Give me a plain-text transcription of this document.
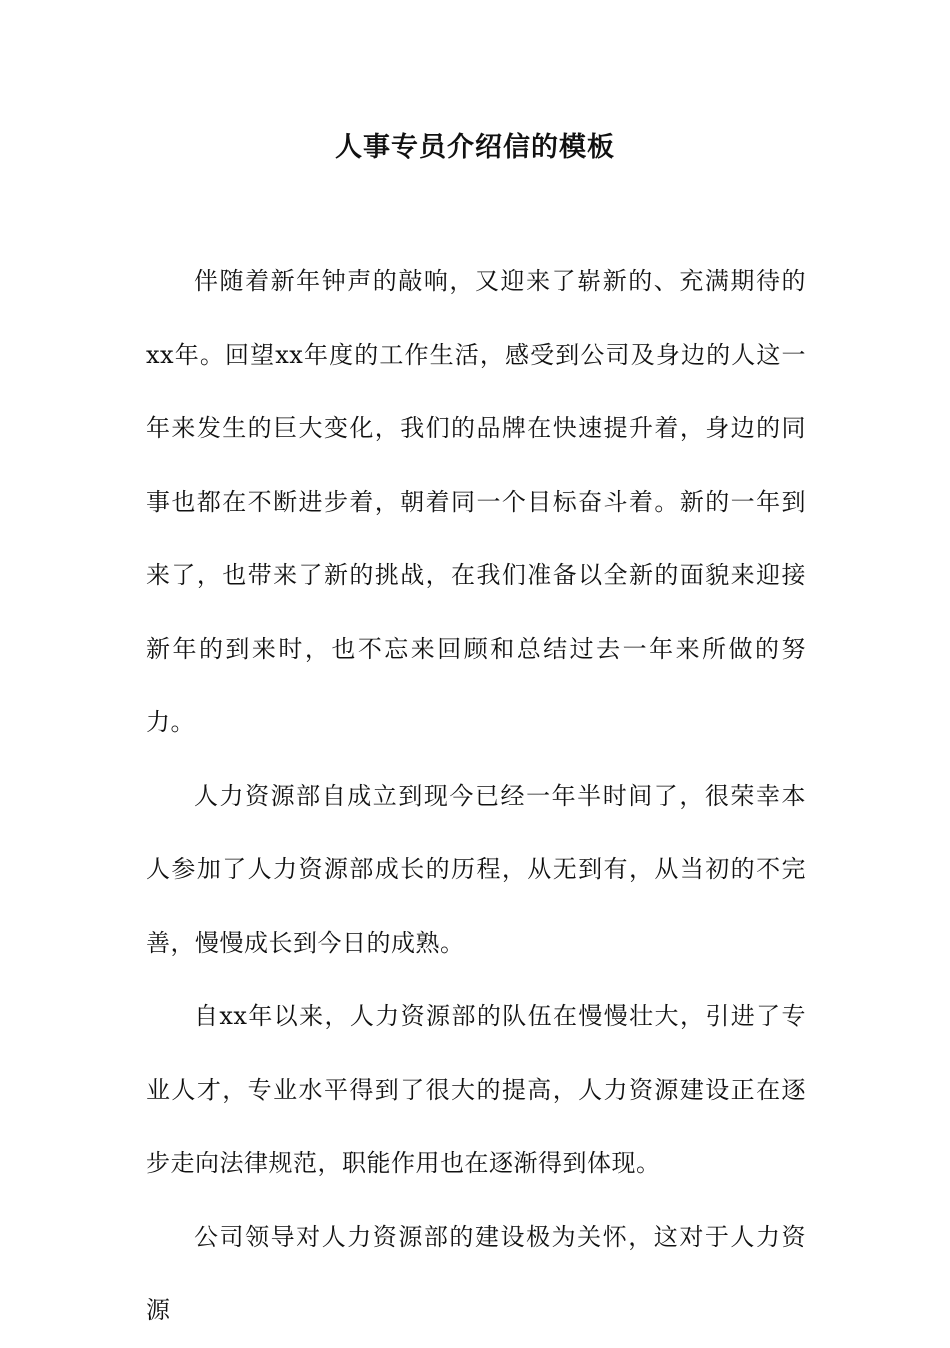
人事专员介绍信的模板

伴随着新年钟声的敲响，又迎来了崭新的、充满期待的xx年。回望xx年度的工作生活，感受到公司及身边的人这一年来发生的巨大变化，我们的品牌在快速提升着，身边的同事也都在不断进步着，朝着同一个目标奋斗着。新的一年到来了，也带来了新的挑战，在我们准备以全新的面貌来迎接新年的到来时，也不忘来回顾和总结过去一年来所做的努力。

人力资源部自成立到现今已经一年半时间了，很荣幸本人参加了人力资源部成长的历程，从无到有，从当初的不完善，慢慢成长到今日的成熟。

自xx年以来，人力资源部的队伍在慢慢壮大，引进了专业人才，专业水平得到了很大的提高，人力资源建设正在逐步走向法律规范，职能作用也在逐渐得到体现。

公司领导对人力资源部的建设极为关怀，这对于人力资源
